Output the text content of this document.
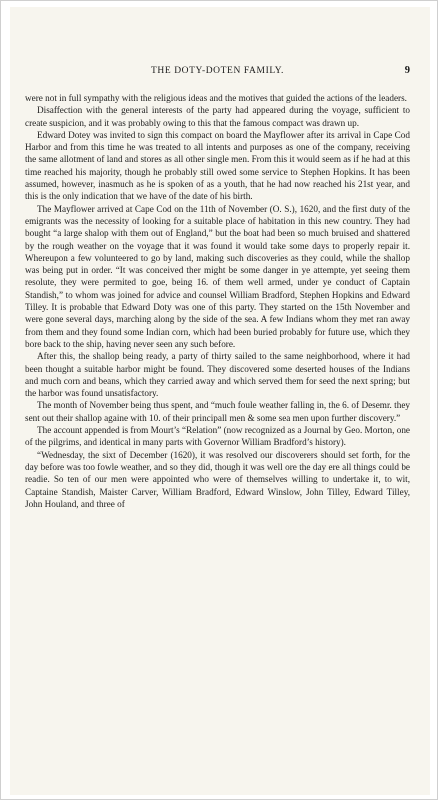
THE DOTY-DOTEN FAMILY.	9

were not in full sympathy with the religious ideas and the motives that guided the actions of the leaders.

Disaffection with the general interests of the party had appeared during the voyage, sufficient to create suspicion, and it was probably owing to this that the famous compact was drawn up.

Edward Dotey was invited to sign this compact on board the Mayflower after its arrival in Cape Cod Harbor and from this time he was treated to all intents and purposes as one of the company, receiving the same allotment of land and stores as all other single men. From this it would seem as if he had at this time reached his majority, though he probably still owed some service to Stephen Hopkins. It has been assumed, however, inasmuch as he is spoken of as a youth, that he had now reached his 21st year, and this is the only indication that we have of the date of his birth.

The Mayflower arrived at Cape Cod on the 11th of November (O. S.), 1620, and the first duty of the emigrants was the necessity of looking for a suitable place of habitation in this new country. They had bought “a large shalop with them out of England,” but the boat had been so much bruised and shattered by the rough weather on the voyage that it was found it would take some days to properly repair it. Whereupon a few volunteered to go by land, making such discoveries as they could, while the shallop was being put in order. “It was conceived ther might be some danger in ye attempte, yet seeing them resolute, they were permited to goe, being 16. of them well armed, under ye conduct of Captain Standish,” to whom was joined for advice and counsel William Bradford, Stephen Hopkins and Edward Tilley. It is probable that Edward Doty was one of this party. They started on the 15th November and were gone several days, marching along by the side of the sea. A few Indians whom they met ran away from them and they found some Indian corn, which had been buried probably for future use, which they bore back to the ship, having never seen any such before.

After this, the shallop being ready, a party of thirty sailed to the same neighborhood, where it had been thought a suitable harbor might be found. They discovered some deserted houses of the Indians and much corn and beans, which they carried away and which served them for seed the next spring; but the harbor was found unsatisfactory.

The month of November being thus spent, and “much foule weather falling in, the 6. of Desemr. they sent out their shallop againe with 10. of their principall men & some sea men upon further discovery.”

The account appended is from Mourt’s “Relation” (now recognized as a Journal by Geo. Morton, one of the pilgrims, and identical in many parts with Governor William Bradford’s history).

“Wednesday, the sixt of December (1620), it was resolved our discoverers should set forth, for the day before was too fowle weather, and so they did, though it was well ore the day ere all things could be readie. So ten of our men were appointed who were of themselves willing to undertake it, to wit, Captaine Standish, Maister Carver, William Bradford, Edward Winslow, John Tilley, Edward Tilley, John Houland, and three of
